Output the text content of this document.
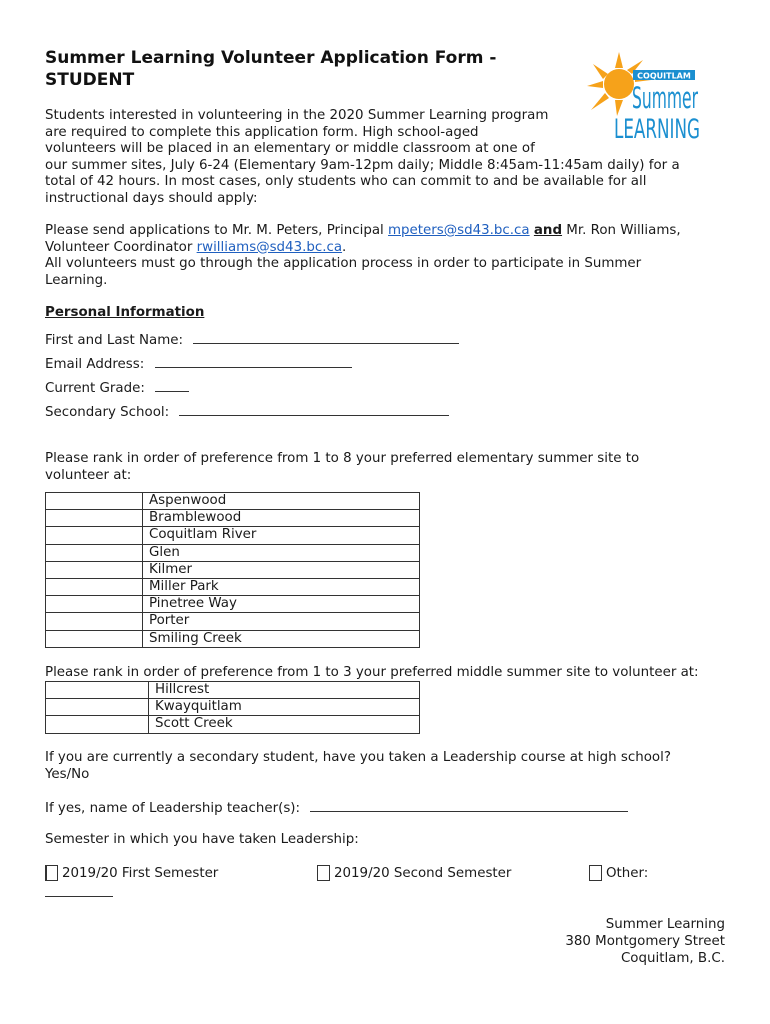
Summer Learning Volunteer Application Form -
STUDENT	COQUITLAM
Summer
LEARNING

Students interested in volunteering in the 2020 Summer Learning program

are required to complete this application form. High school-aged

volunteers will be placed in an elementary or middle classroom at one of

our summer sites, July 6-24 (Elementary 9am-12pm daily; Middle 8:45am-11:45am daily) for a

total of 42 hours. In most cases, only students who can commit to and be available for all

instructional days should apply:

Please send applications to Mr. M. Peters, Principal mpeters@sd43.bc.ca and Mr. Ron Williams,

Volunteer Coordinator rwilliams@sd43.bc.ca.

All volunteers must go through the application process in order to participate in Summer

Learning.

Personal Information
First and Last Name:
Email Address:
Current Grade:
Secondary School:
Please rank in order of preference from 1 to 8 your preferred elementary summer site to
volunteer at:
	Aspenwood
	Bramblewood
	Coquitlam River
	Glen
	Kilmer
	Miller Park
	Pinetree Way
	Porter
	Smiling Creek
Please rank in order of preference from 1 to 3 your preferred middle summer site to volunteer at:
	Hillcrest
	Kwayquitlam
	Scott Creek
If you are currently a secondary student, have you taken a Leadership course at high school?
Yes/No
If yes, name of Leadership teacher(s):
Semester in which you have taken Leadership:
2019/20 First Semester	2019/20 Second Semester	Other:
Summer Learning
380 Montgomery Street
Coquitlam, B.C.
